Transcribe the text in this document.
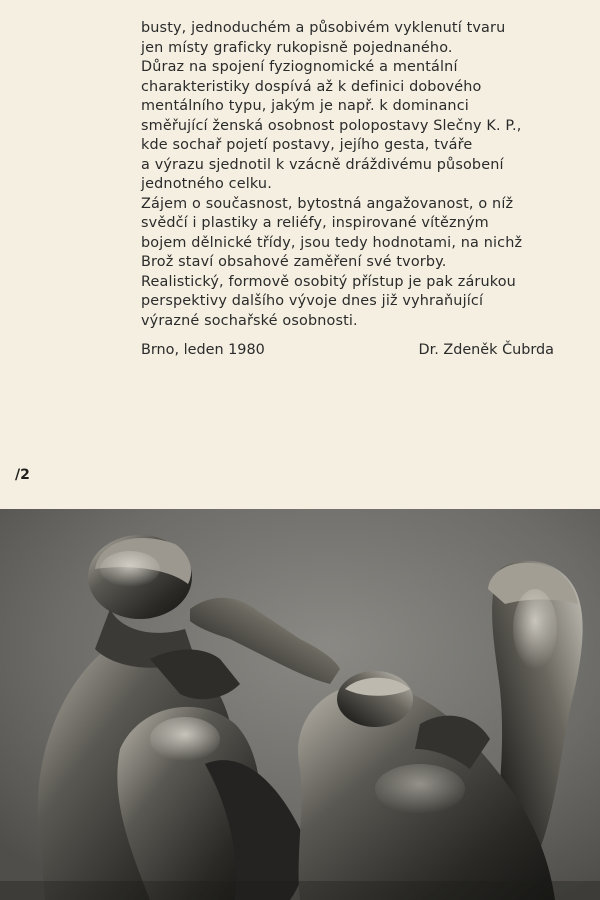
busty, jednoduchém a působivém vyklenutí tvaru
jen místy graficky rukopisně pojednaného.
Důraz na spojení fyziognomické a mentální
charakteristiky dospívá až k definici dobového
mentálního typu, jakým je např. k dominanci
směřující ženská osobnost polopostavy Slečny K. P.,
kde sochař pojetí postavy, jejího gesta, tváře
a výrazu sjednotil k vzácně dráždivému působení
jednotného celku.
Zájem o současnost, bytostná angažovanost, o níž
svědčí i plastiky a reliéfy, inspirované vítězným
bojem dělnické třídy, jsou tedy hodnotami, na nichž
Brož staví obsahové zaměření své tvorby.
Realistický, formově osobitý přístup je pak zárukou
perspektivy dalšího vývoje dnes již vyhraňující
výrazné sochařské osobnosti.
Brno, leden 1980	Dr. Zdeněk Čubrda
/2
